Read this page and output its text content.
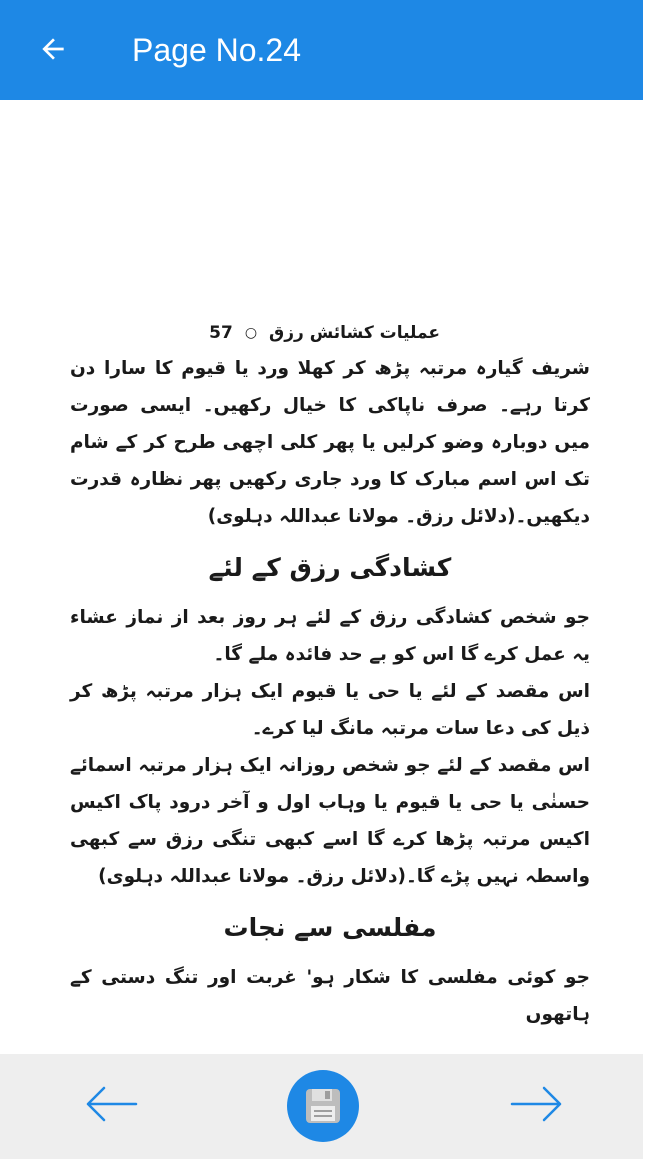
Page No.24
عملیات کشائش رزق
○
57

شریف گیارہ مرتبہ پڑھ کر کھلا ورد یا قیوم کا سارا دن کرتا رہے۔ صرف ناپاکی کا خیال رکھیں۔ ایسی صورت میں دوبارہ وضو کرلیں یا پھر کلی اچھی طرح کر کے شام تک اس اسم مبارک کا ورد جاری رکھیں پھر نظارہ قدرت دیکھیں۔(دلائل رزق۔ مولانا عبداللہ دہلوی)

کشادگی رزق کے لئے

جو شخص کشادگی رزق کے لئے ہر روز بعد از نماز عشاء یہ عمل کرے گا اس کو بے حد فائدہ ملے گا۔

اس مقصد کے لئے یا حی یا قیوم ایک ہزار مرتبہ پڑھ کر ذیل کی دعا سات مرتبہ مانگ لیا کرے۔

اس مقصد کے لئے جو شخص روزانہ ایک ہزار مرتبہ اسمائے حسنٰی یا حی یا قیوم یا وہاب اول و آخر درود پاک اکیس اکیس مرتبہ پڑھا کرے گا اسے کبھی تنگی رزق سے کبھی واسطہ نہیں پڑے گا۔(دلائل رزق۔ مولانا عبداللہ دہلوی)

مفلسی سے نجات

جو کوئی مفلسی کا شکار ہو' غربت اور تنگ دستی کے ہاتھوں
